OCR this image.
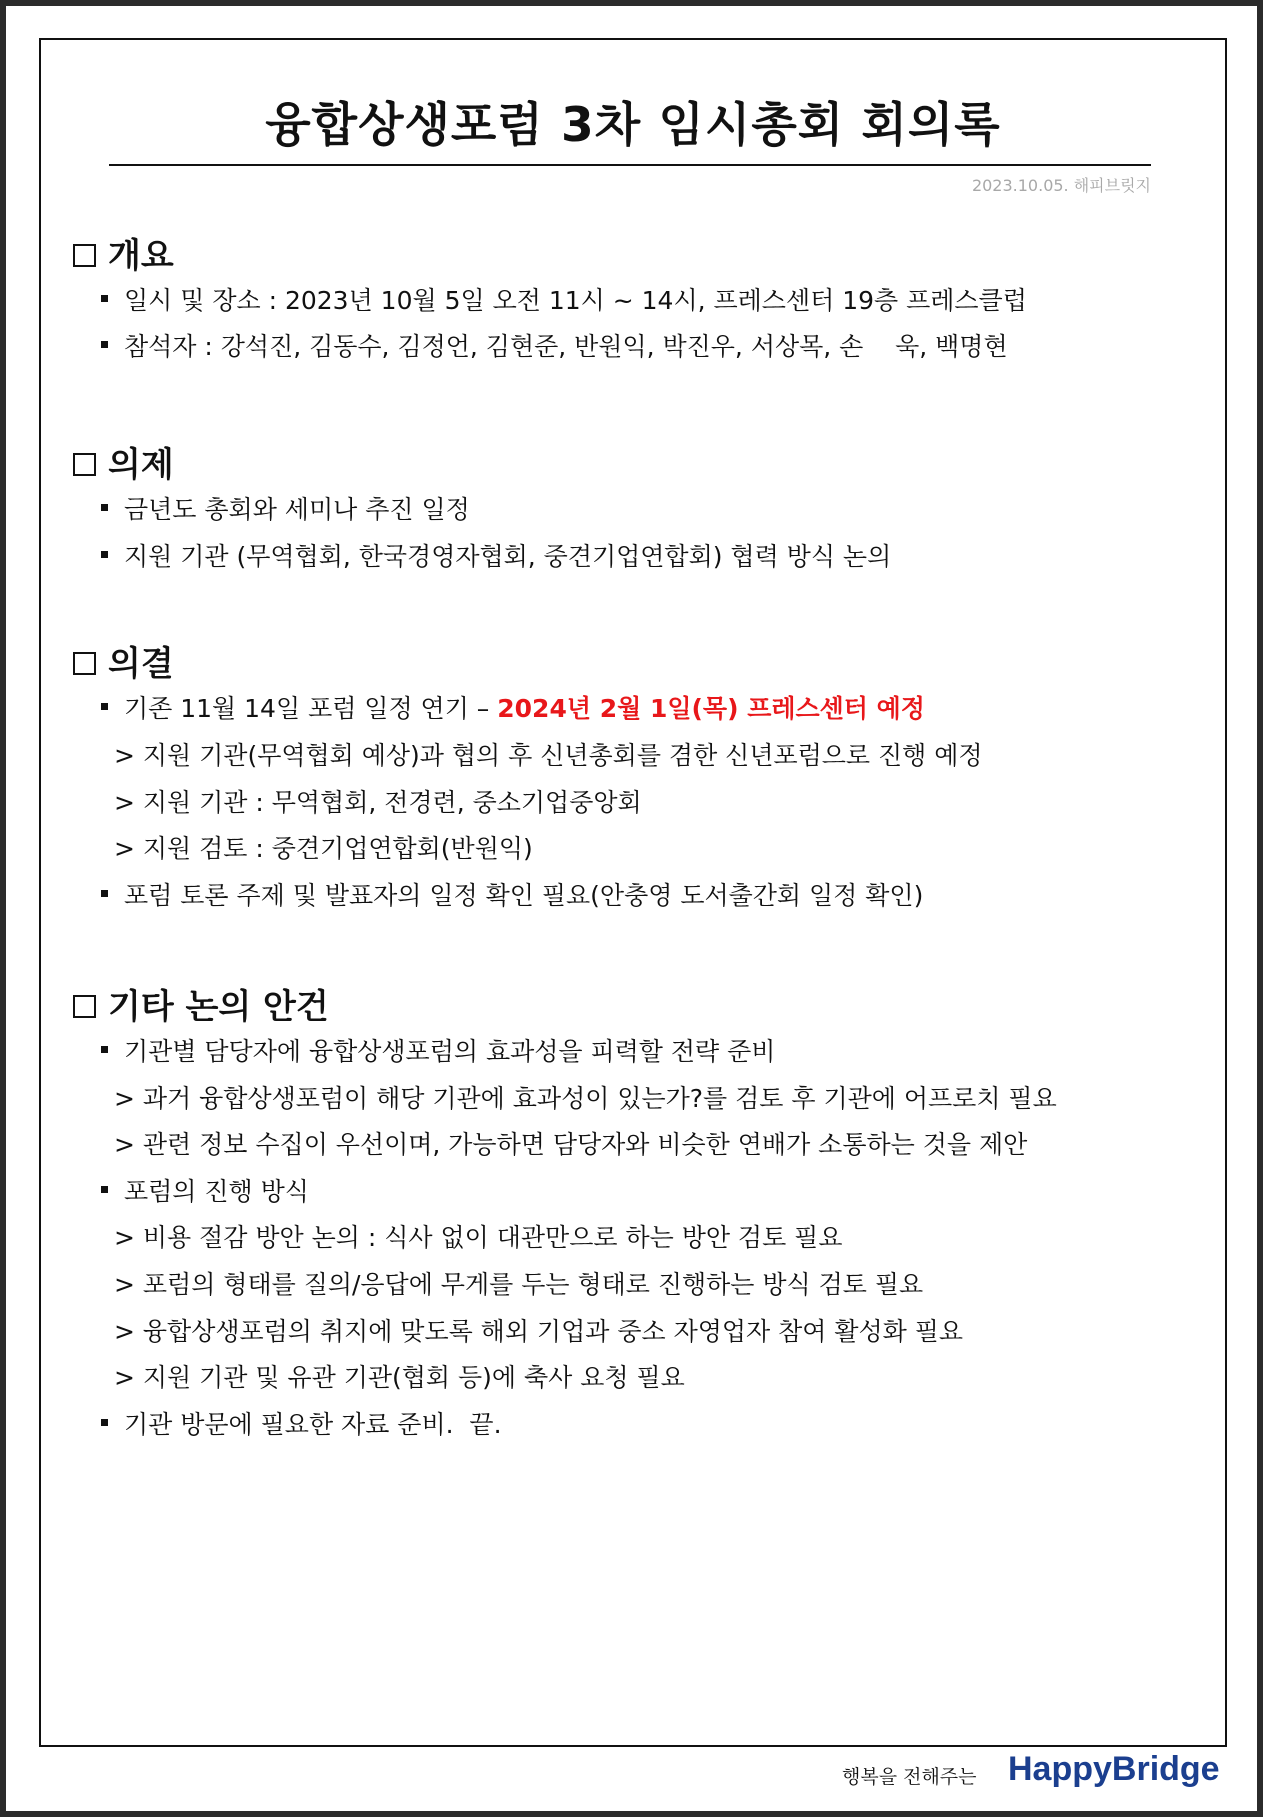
융합상생포럼 3차 임시총회 회의록
2023.10.05. 해피브릿지
개요
일시 및 장소 : 2023년 10월 5일 오전 11시 ~ 14시, 프레스센터 19층 프레스클럽
참석자 : 강석진, 김동수, 김정언, 김현준, 반원익, 박진우, 서상목, 손    욱, 백명현
의제
금년도 총회와 세미나 추진 일정
지원 기관 (무역협회, 한국경영자협회, 중견기업연합회) 협력 방식 논의
의결
기존 11월 14일 포럼 일정 연기 – 2024년 2월 1일(목) 프레스센터 예정
> 지원 기관(무역협회 예상)과 협의 후 신년총회를 겸한 신년포럼으로 진행 예정
> 지원 기관 : 무역협회, 전경련, 중소기업중앙회
> 지원 검토 : 중견기업연합회(반원익)
포럼 토론 주제 및 발표자의 일정 확인 필요(안충영 도서출간회 일정 확인)
기타 논의 안건
기관별 담당자에 융합상생포럼의 효과성을 피력할 전략 준비
> 과거 융합상생포럼이 해당 기관에 효과성이 있는가?를 검토 후 기관에 어프로치 필요
> 관련 정보 수집이 우선이며, 가능하면 담당자와 비슷한 연배가 소통하는 것을 제안
포럼의 진행 방식
> 비용 절감 방안 논의 : 식사 없이 대관만으로 하는 방안 검토 필요
> 포럼의 형태를 질의/응답에 무게를 두는 형태로 진행하는 방식 검토 필요
> 융합상생포럼의 취지에 맞도록 해외 기업과 중소 자영업자 참여 활성화 필요
> 지원 기관 및 유관 기관(협회 등)에 축사 요청 필요
기관 방문에 필요한 자료 준비.  끝.
행복을 전해주는 HappyBridge
